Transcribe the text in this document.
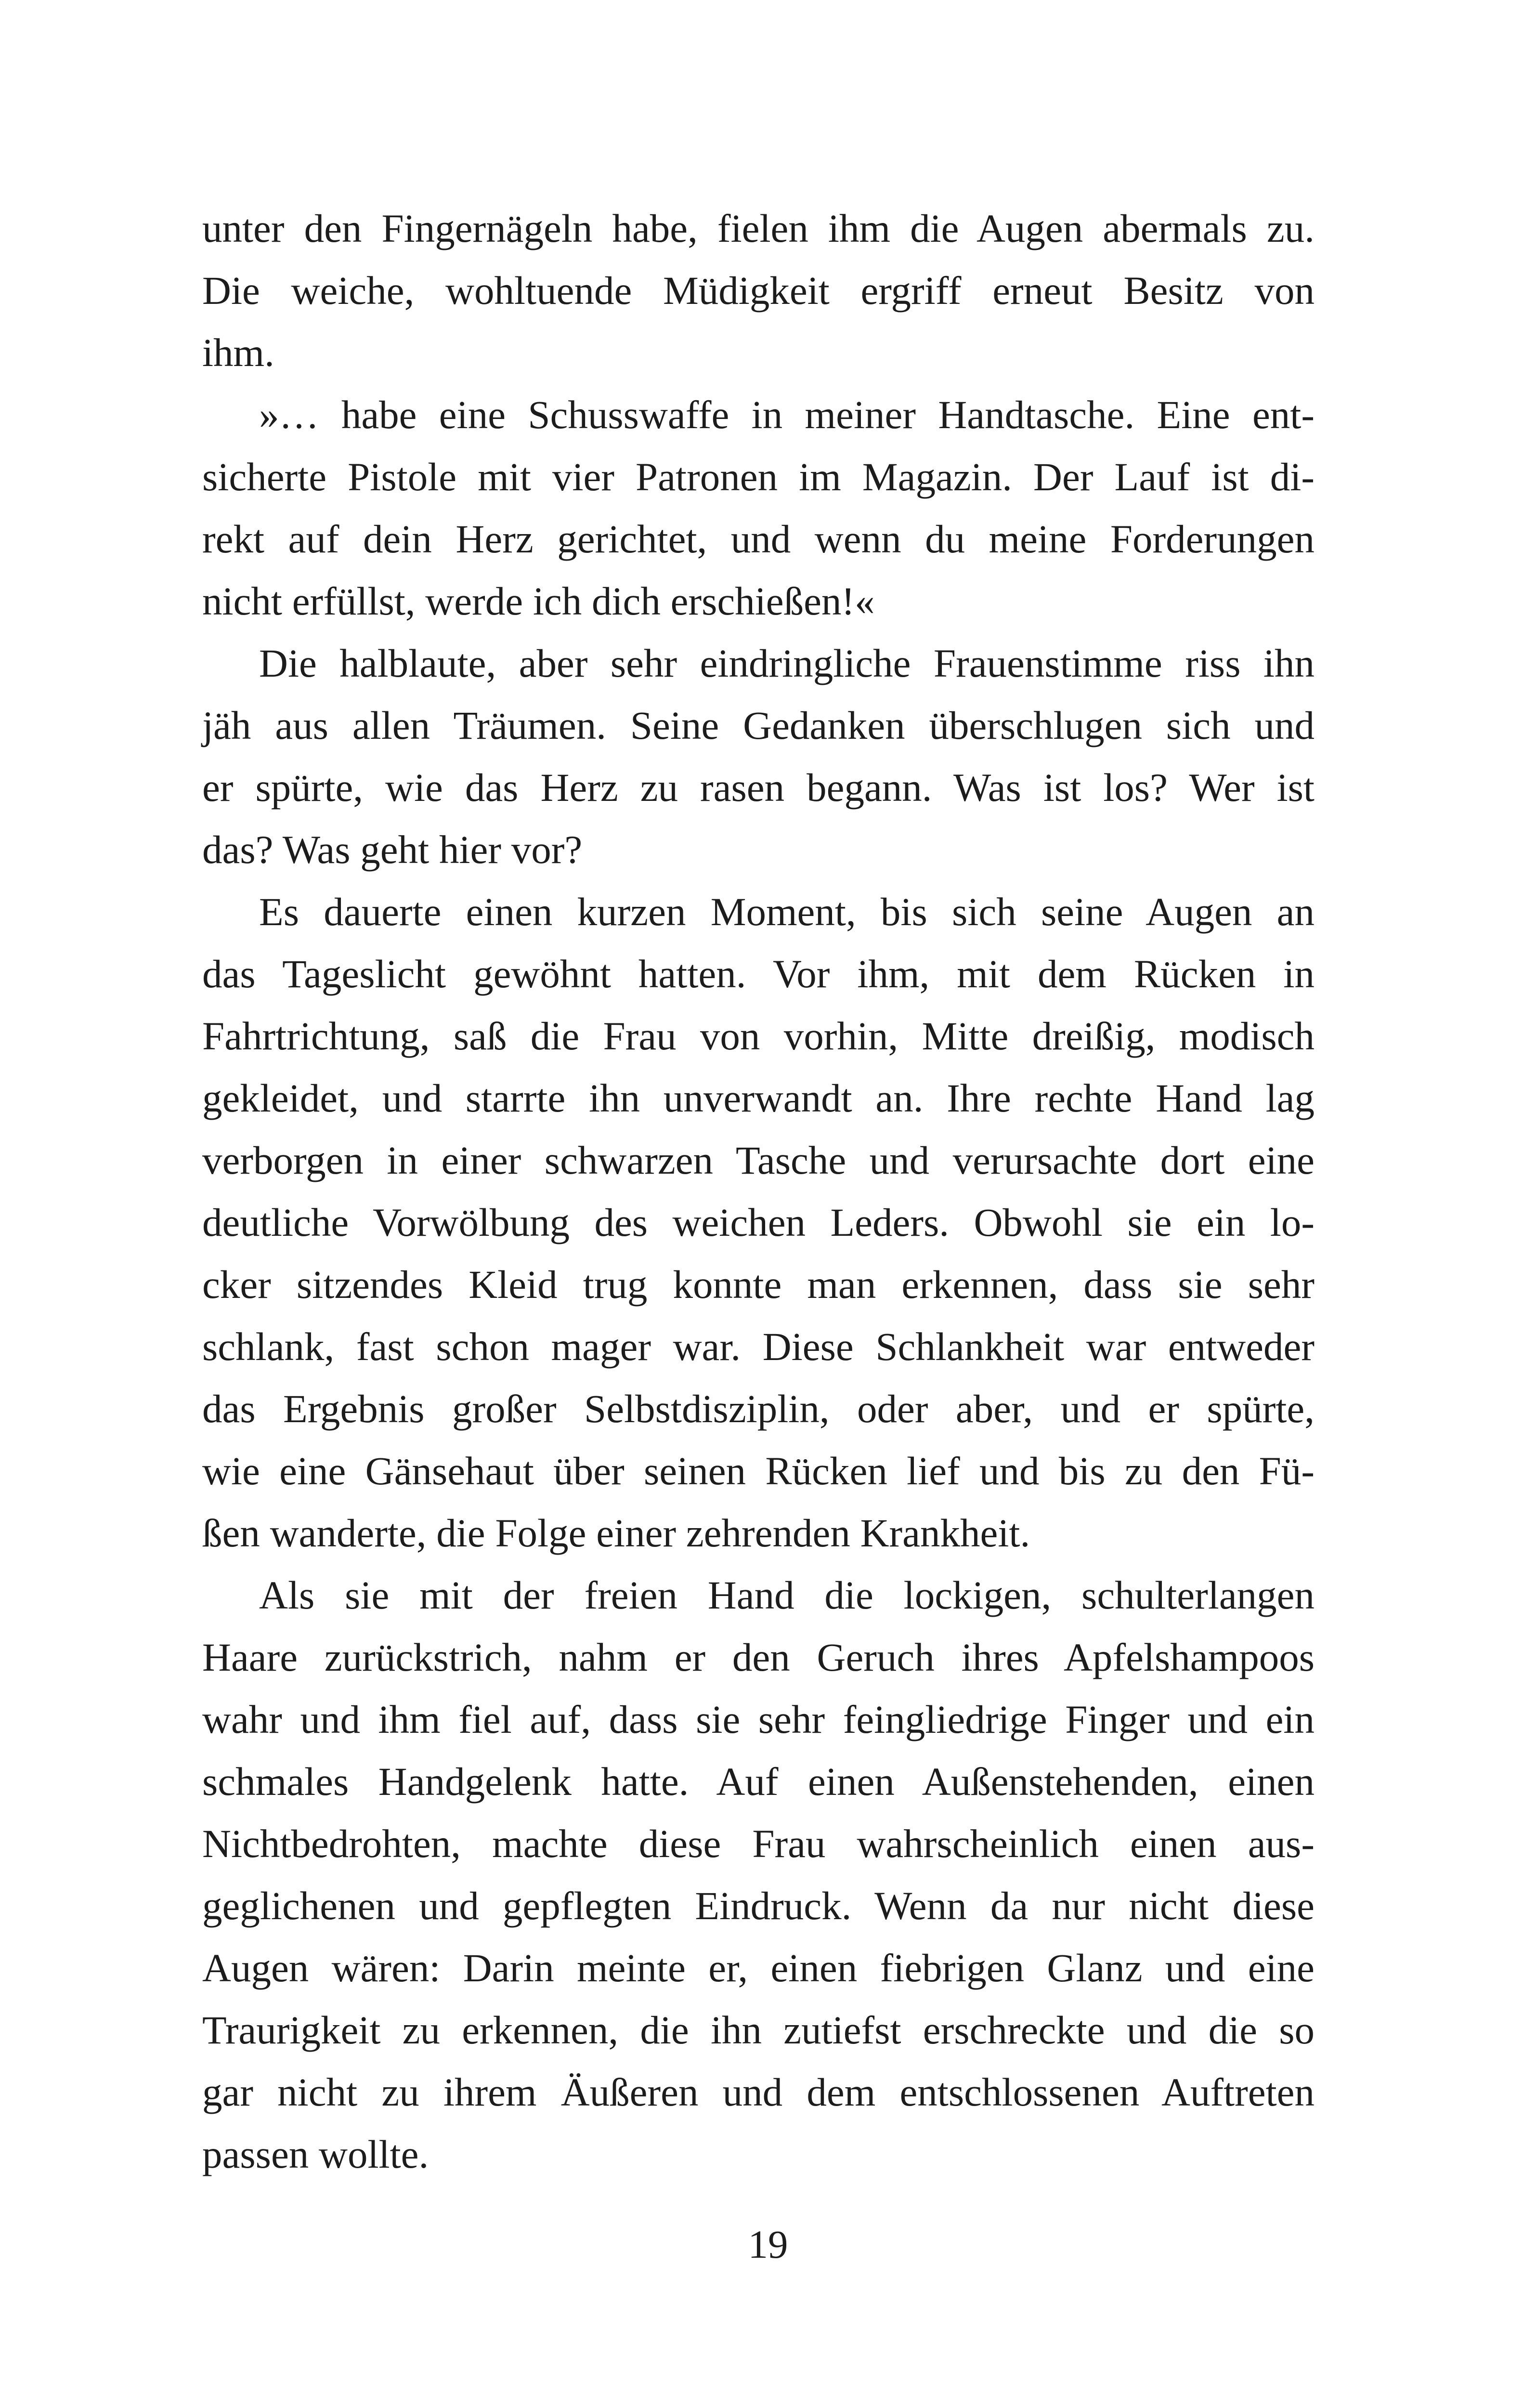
unter den Fingernägeln habe, fielen ihm die Augen abermals zu.
Die weiche, wohltuende Müdigkeit ergriff erneut Besitz von
ihm.
»… habe eine Schusswaffe in meiner Handtasche. Eine ent-
sicherte Pistole mit vier Patronen im Magazin. Der Lauf ist di-
rekt auf dein Herz gerichtet, und wenn du meine Forderungen
nicht erfüllst, werde ich dich erschießen!«
Die halblaute, aber sehr eindringliche Frauenstimme riss ihn
jäh aus allen Träumen. Seine Gedanken überschlugen sich und
er spürte, wie das Herz zu rasen begann. Was ist los? Wer ist
das? Was geht hier vor?
Es dauerte einen kurzen Moment, bis sich seine Augen an
das Tageslicht gewöhnt hatten. Vor ihm, mit dem Rücken in
Fahrtrichtung, saß die Frau von vorhin, Mitte dreißig, modisch
gekleidet, und starrte ihn unverwandt an. Ihre rechte Hand lag
verborgen in einer schwarzen Tasche und verursachte dort eine
deutliche Vorwölbung des weichen Leders. Obwohl sie ein lo-
cker sitzendes Kleid trug konnte man erkennen, dass sie sehr
schlank, fast schon mager war. Diese Schlankheit war entweder
das Ergebnis großer Selbstdisziplin, oder aber, und er spürte,
wie eine Gänsehaut über seinen Rücken lief und bis zu den Fü-
ßen wanderte, die Folge einer zehrenden Krankheit.
Als sie mit der freien Hand die lockigen, schulterlangen
Haare zurückstrich, nahm er den Geruch ihres Apfelshampoos
wahr und ihm fiel auf, dass sie sehr feingliedrige Finger und ein
schmales Handgelenk hatte. Auf einen Außenstehenden, einen
Nichtbedrohten, machte diese Frau wahrscheinlich einen aus-
geglichenen und gepflegten Eindruck. Wenn da nur nicht diese
Augen wären: Darin meinte er, einen fiebrigen Glanz und eine
Traurigkeit zu erkennen, die ihn zutiefst erschreckte und die so
gar nicht zu ihrem Äußeren und dem entschlossenen Auftreten
passen wollte.
19
